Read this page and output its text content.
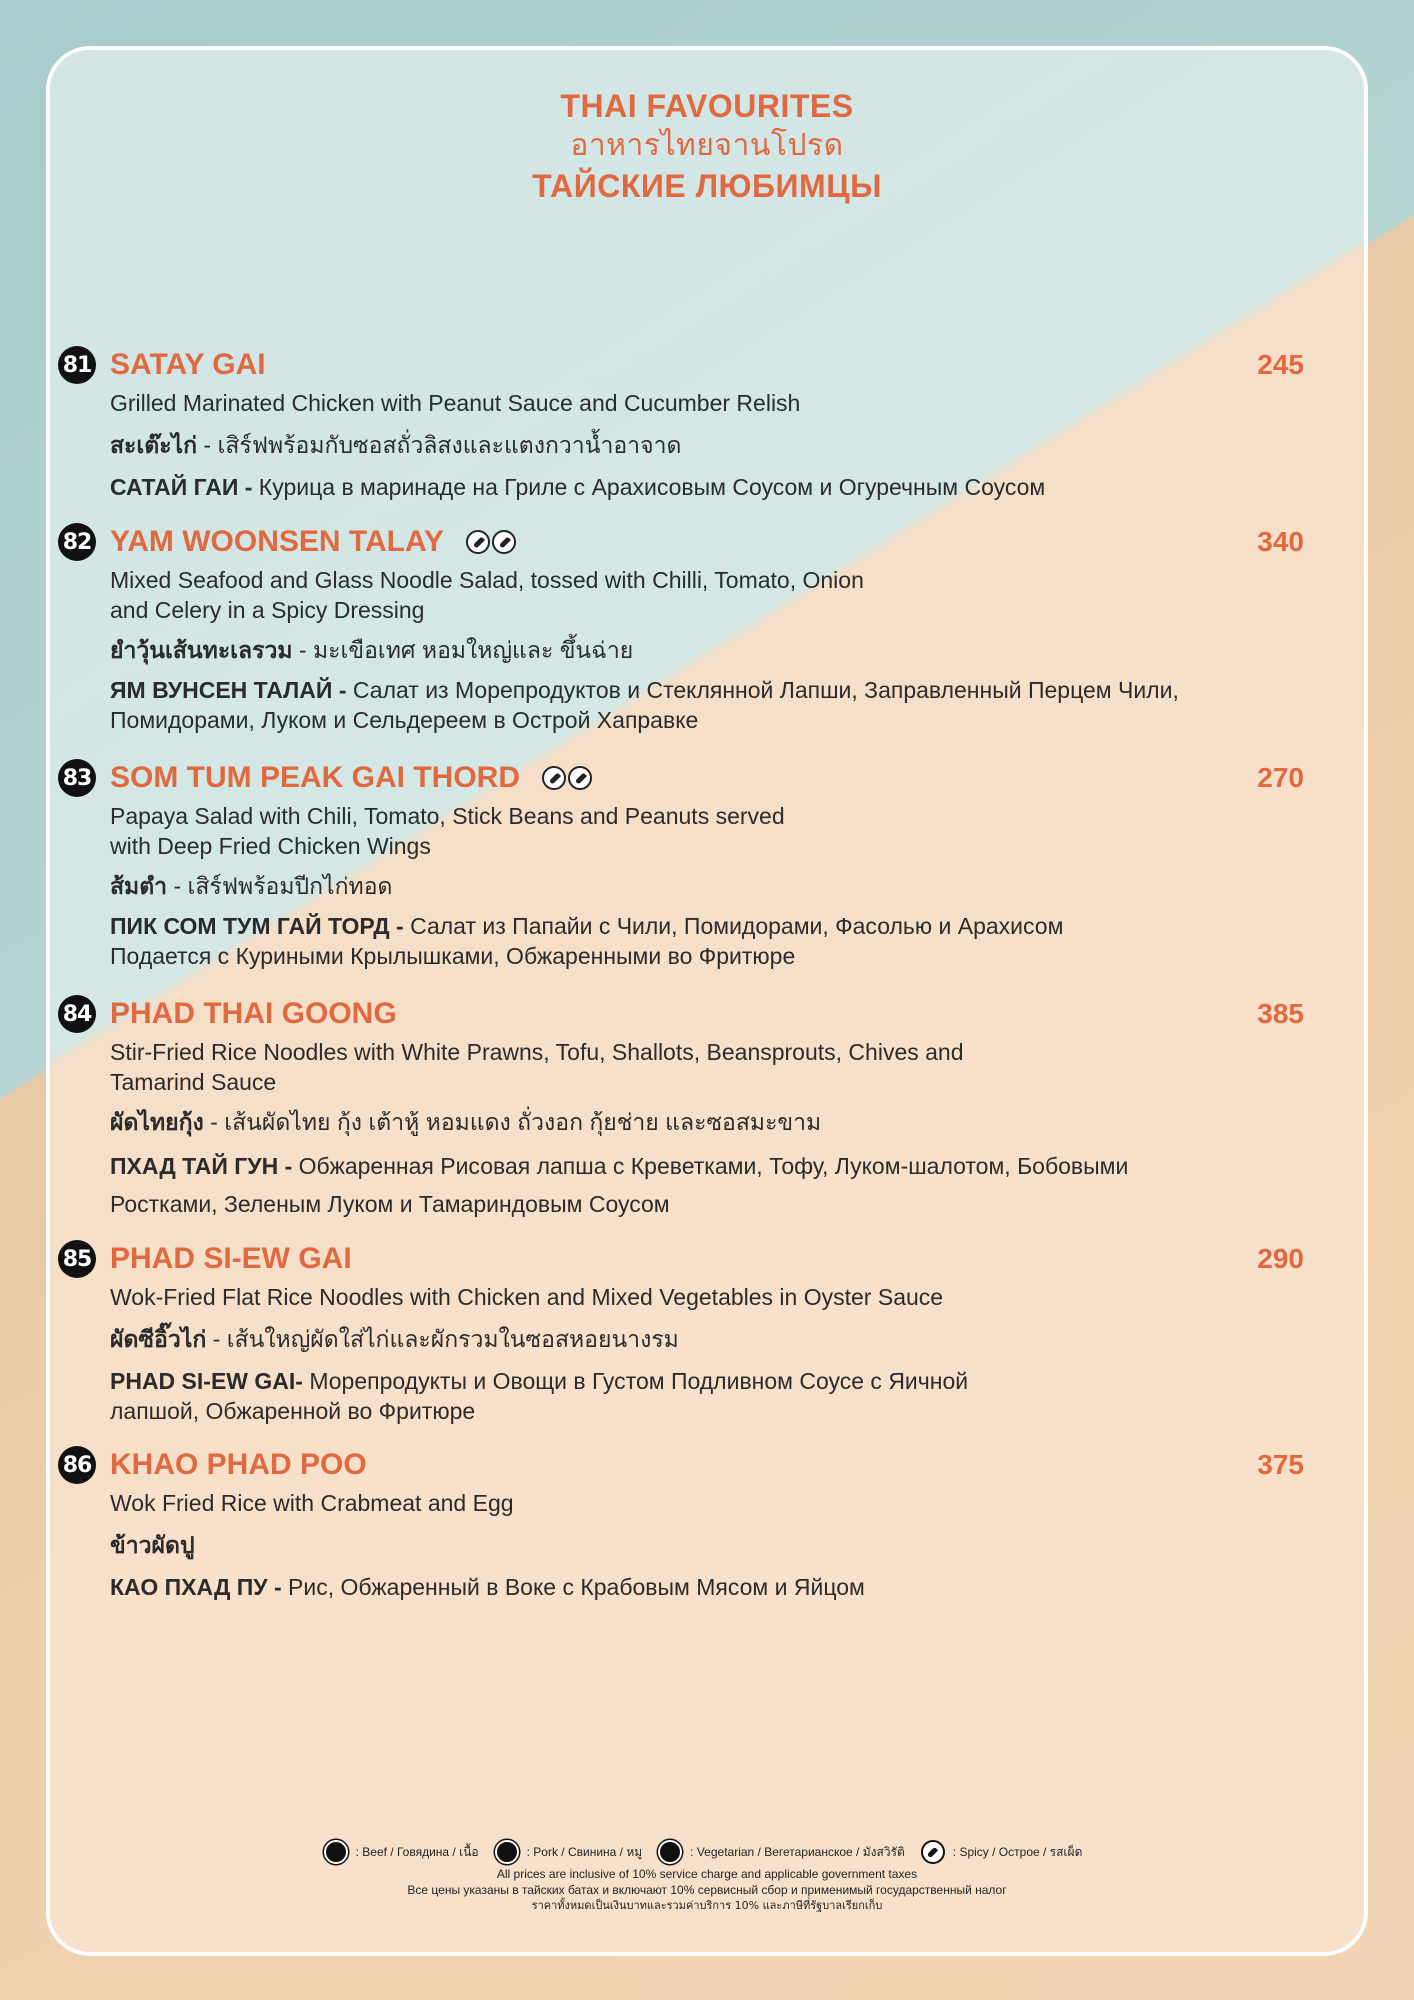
THAI FAVOURITES
อาหารไทยจานโปรด
ТАЙСКИЕ ЛЮБИМЦЫ
81 SATAY GAI	245
Grilled Marinated Chicken with Peanut Sauce and Cucumber Relish
สะเต๊ะไก่ - เสิร์ฟพร้อมกับซอสถั่วลิสงและแตงกวาน้ำอาจาด
САТАЙ ГАИ - Курица в маринаде на Гриле с Арахисовым Соусом и Огуречным Соусом
82 YAM WOONSEN TALAY	340
Mixed Seafood and Glass Noodle Salad, tossed with Chilli, Tomato, Onion and Celery in a Spicy Dressing
ยำวุ้นเส้นทะเลรวม - มะเขือเทศ หอมใหญ่และ ขึ้นฉ่าย
ЯМ ВУНСЕН ТАЛАЙ - Салат из Морепродуктов и Стеклянной Лапши, Заправленный Перцем Чили, Помидорами, Луком и Сельдереем в Острой Хаправке
83 SOM TUM PEAK GAI THORD	270
Papaya Salad with Chili, Tomato, Stick Beans and Peanuts served with Deep Fried Chicken Wings
ส้มตำ - เสิร์ฟพร้อมปีกไก่ทอด
ПИК СОМ ТУМ ГАЙ ТОРД - Салат из Папайи с Чили, Помидорами, Фасолью и Арахисом Подается с Куриными Крылышками, Обжаренными во Фритюре
84 PHAD THAI GOONG	385
Stir-Fried Rice Noodles with White Prawns, Tofu, Shallots, Beansprouts, Chives and Tamarind Sauce
ผัดไทยกุ้ง - เส้นผัดไทย กุ้ง เต้าหู้ หอมแดง ถั่วงอก กุ้ยช่าย และซอสมะขาม
ПХАД ТАЙ ГУН - Обжаренная Рисовая лапша с Креветками, Тофу, Луком-шалотом, Бобовыми Ростками, Зеленым Луком и Тамариндовым Соусом
85 PHAD SI-EW GAI	290
Wok-Fried Flat Rice Noodles with Chicken and Mixed Vegetables in Oyster Sauce
ผัดซีอิ๊วไก่ - เส้นใหญ่ผัดใส่ไก่และผักรวมในซอสหอยนางรม
PHAD SI-EW GAI- Морепродукты и Овощи в Густом Подливном Соусе с Яичной лапшой, Обжаренной во Фритюре
86 KHAO PHAD POO	375
Wok Fried Rice with Crabmeat and Egg
ข้าวผัดปู
КАО ПХАД ПУ - Рис, Обжаренный в Воке с Крабовым Мясом и Яйцом
: Beef / Говядина / เนื้อ	: Pork / Свинина / หมู	: Vegetarian / Вегетарианское / มังสวิรัติ	: Spicy / Острое / รสเผ็ด
All prices are inclusive of 10% service charge and applicable government taxes
Все цены указаны в тайских батах и включают 10% сервисный сбор и применимый государственный налог
ราคาทั้งหมดเป็นเงินบาทและรวมค่าบริการ 10% และภาษีที่รัฐบาลเรียกเก็บ
